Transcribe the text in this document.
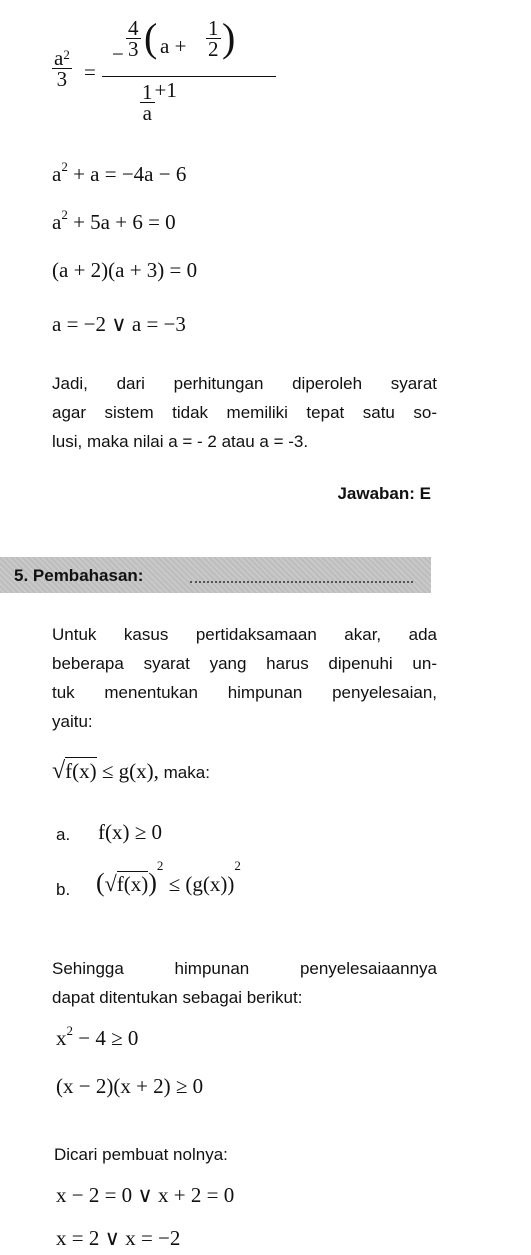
$\frac{a^2}{3}$ =
− $\frac{4}{3}$ ( $a + \frac{1}{2}$ )
$\frac{1}{a} +1$
$a^2 + a = -4a - 6$
$a^2 + 5a + 6 = 0$
(a + 2)(a + 3) = 0
a = −2 ∨ a = −3
Jadi, dari perhitungan diperoleh syarat
agar sistem tidak memiliki tepat satu so-
lusi, maka nilai a = - 2 atau a = -3.
Jawaban: E
5. Pembahasan:
Untuk kasus pertidaksamaan akar, ada
beberapa syarat yang harus dipenuhi un-
tuk menentukan himpunan penyelesaian,
yaitu:
√f(x) ≤ g(x), maka:
a. f(x) ≥ 0
b. $(√f(x))^2 \le (g(x))^2$
Sehingga himpunan penyelesaiaannya
dapat ditentukan sebagai berikut:
$x^2 - 4 \ge 0$
(x − 2)(x + 2) ≥ 0
Dicari pembuat nolnya:
x − 2 = 0 ∨ x + 2 = 0
x = 2 ∨ x = −2
